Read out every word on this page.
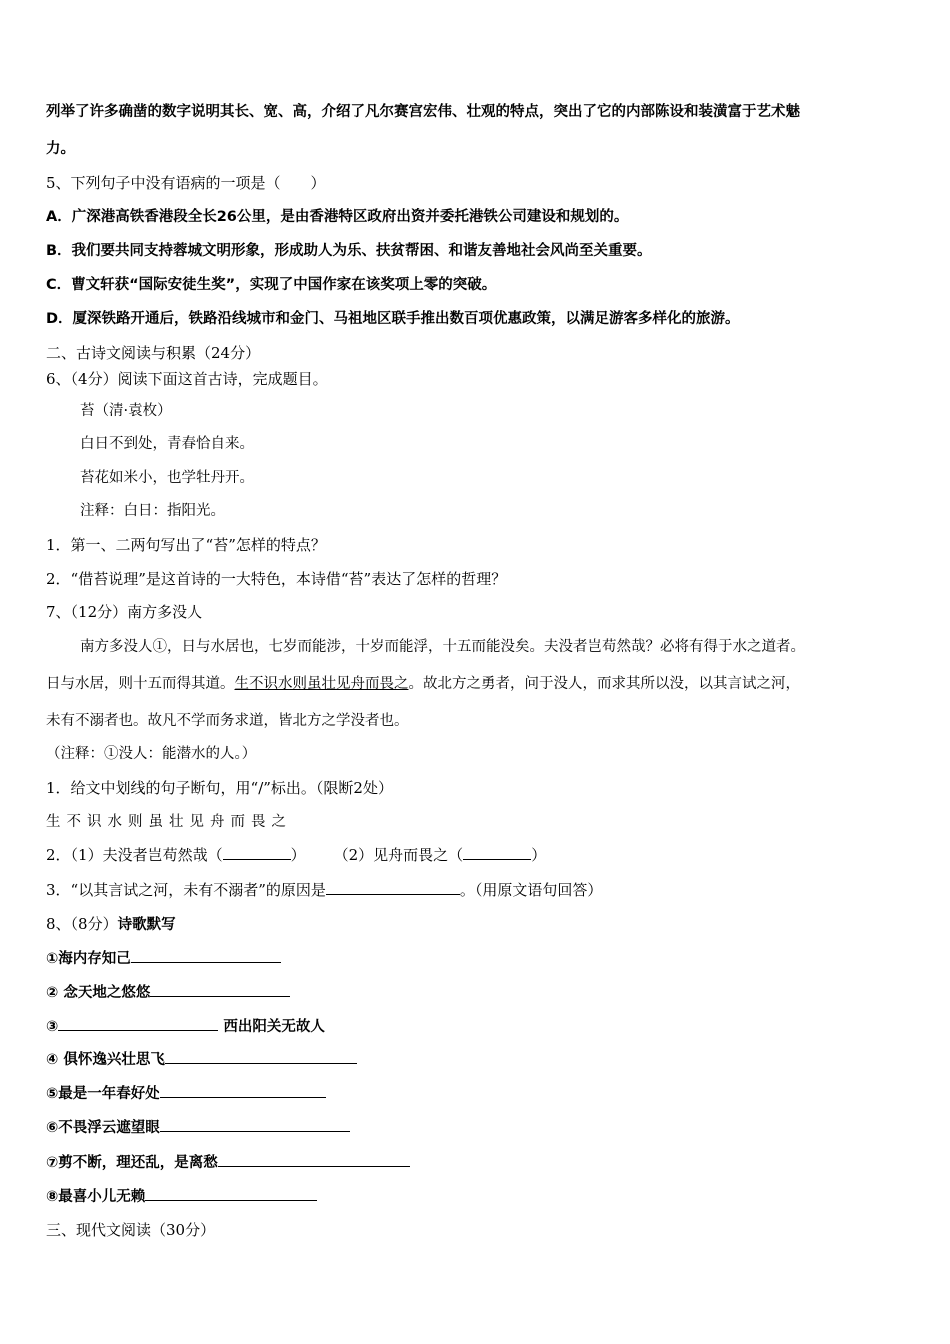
列举了许多确凿的数字说明其长、宽、高，介绍了凡尔赛宫宏伟、壮观的特点，突出了它的内部陈设和装潢富于艺术魅
力。
5、下列句子中没有语病的一项是（　　）
A．广深港高铁香港段全长26公里，是由香港特区政府出资并委托港铁公司建设和规划的。
B．我们要共同支持蓉城文明形象，形成助人为乐、扶贫帮困、和谐友善地社会风尚至关重要。
C．曹文轩获“国际安徒生奖”，实现了中国作家在该奖项上零的突破。
D．厦深铁路开通后，铁路沿线城市和金门、马祖地区联手推出数百项优惠政策，以满足游客多样化的旅游。
二、古诗文阅读与积累（24分）
6、（4分）阅读下面这首古诗，完成题目。
苔（清·袁枚）
白日不到处，青春恰自来。
苔花如米小，也学牡丹开。
注释：白日：指阳光。
1．第一、二两句写出了“苔”怎样的特点？
2．“借苔说理”是这首诗的一大特色，本诗借“苔”表达了怎样的哲理？
7、（12分）南方多没人
南方多没人①，日与水居也，七岁而能涉，十岁而能浮，十五而能没矣。夫没者岂苟然哉？必将有得于水之道者。
日与水居，则十五而得其道。生不识水则虽壮见舟而畏之。故北方之勇者，问于没人，而求其所以没，以其言试之河，
未有不溺者也。故凡不学而务求道，皆北方之学没者也。
（注释：①没人：能潜水的人。）
1．给文中划线的句子断句，用“/”标出。（限断2处）
生不识水则虽壮见舟而畏之
2．（1）夫没者岂苟然哉（	） （2）见舟而畏之（	）
3．“以其言试之河，未有不溺者”的原因是	。（用原文语句回答）
8、（8分）诗歌默写
①海内存知己
② 念天地之悠悠
③	西出阳关无故人
④ 俱怀逸兴壮思飞
⑤最是一年春好处
⑥不畏浮云遮望眼
⑦剪不断，理还乱，是离愁
⑧最喜小儿无赖
三、现代文阅读（30分）
